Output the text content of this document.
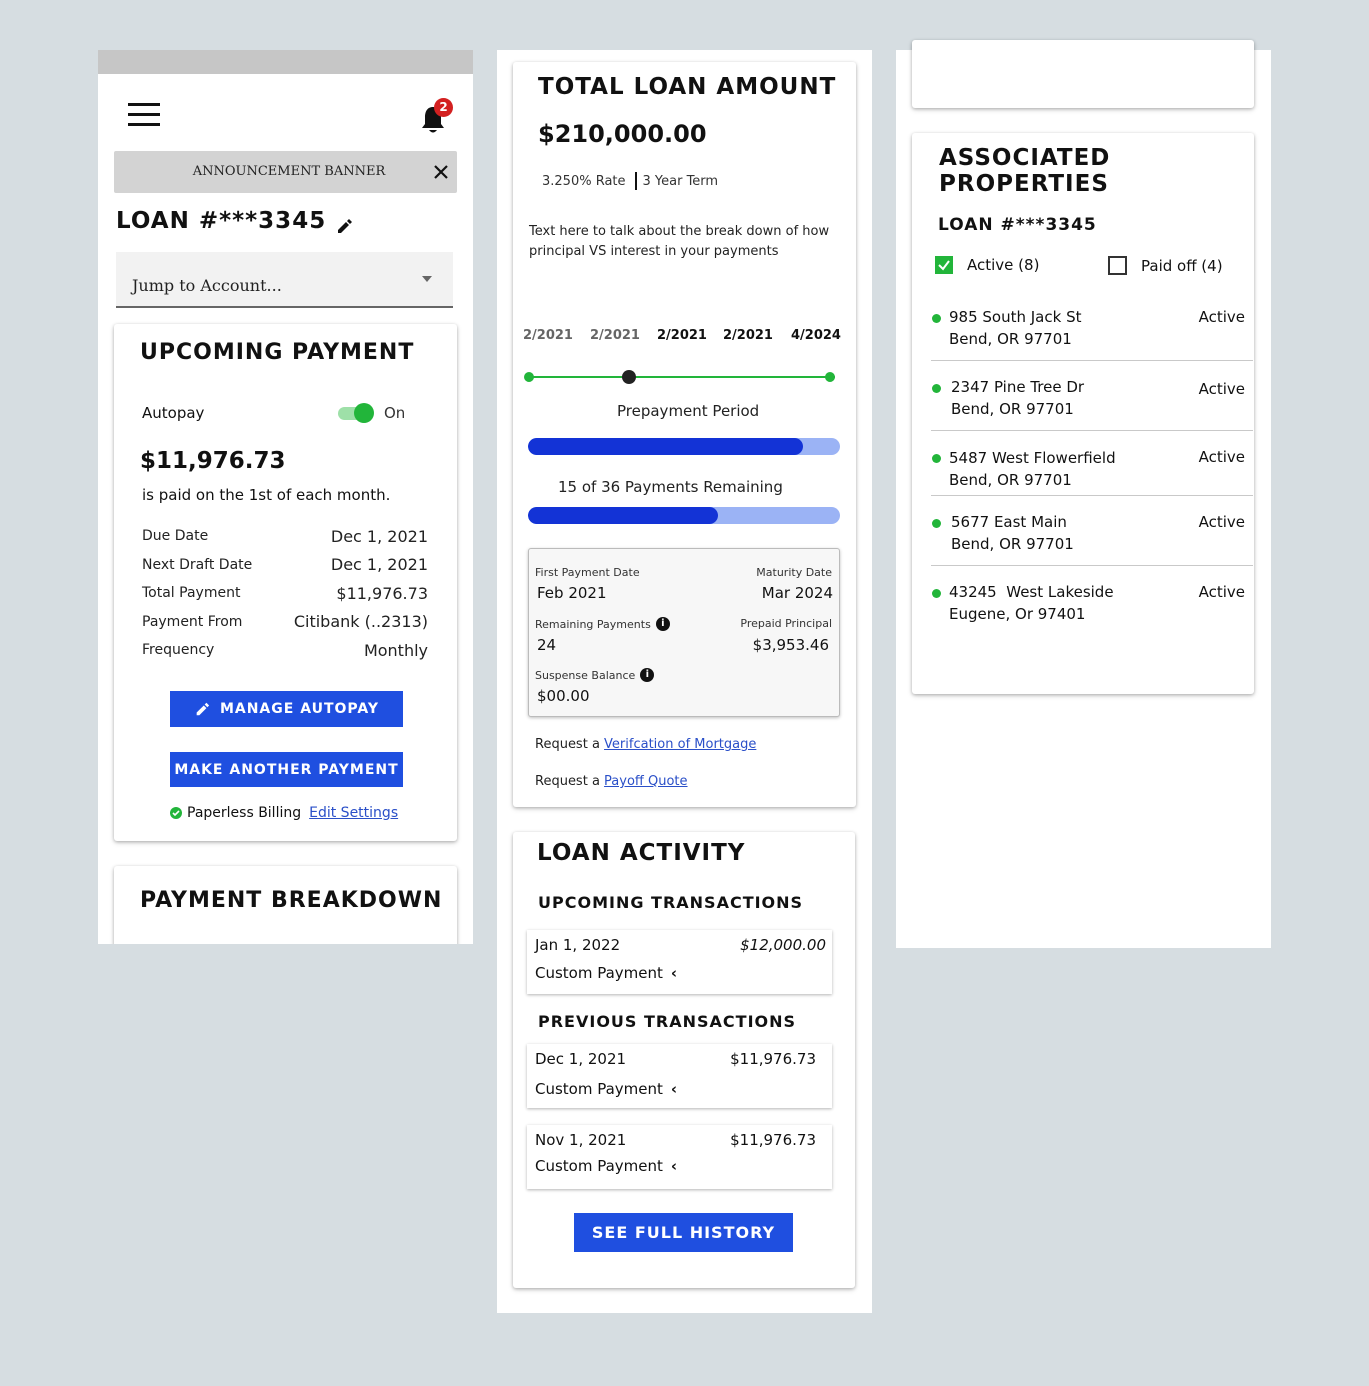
2
ANNOUNCEMENT BANNER
LOAN #***3345
Jump to Account...
UPCOMING PAYMENT
Autopay	On
$11,976.73
is paid on the 1st of each month.
Due Date	Dec 1, 2021
Next Draft Date	Dec 1, 2021
Total Payment	$11,976.73
Payment From	Citibank (..2313)
Frequency	Monthly
MANAGE AUTOPAY
MAKE ANOTHER PAYMENT
Paperless Billing Edit Settings
PAYMENT BREAKDOWN
TOTAL LOAN AMOUNT
$210,000.00
3.250% Rate 3 Year Term
Text here to talk about the break down of how principal VS interest in your payments
2/2021 2/2021 2/2021 2/2021 4/2024
Prepayment Period
15 of 36 Payments Remaining
First Payment Date
Feb 2021
Maturity Date
Mar 2024
Remaining Payments	i
24
Prepaid Principal
$3,953.46
Suspense Balance	i
$00.00
Request a Verifcation of Mortgage
Request a Payoff Quote
LOAN ACTIVITY
UPCOMING TRANSACTIONS
Jan 1, 2022	$12,000.00
Custom Payment ‹
PREVIOUS TRANSACTIONS
Dec 1, 2021	$11,976.73
Custom Payment ‹
Nov 1, 2021	$11,976.73
Custom Payment ‹
SEE FULL HISTORY
ASSOCIATED
PROPERTIES
LOAN #***3345
Active (8)	Paid off (4)
985 South Jack St
Bend, OR 97701
Active
2347 Pine Tree Dr
Bend, OR 97701
Active
5487 West Flowerfield
Bend, OR 97701
Active
5677 East Main
Bend, OR 97701
Active
43245  West Lakeside
Eugene, Or 97401
Active
